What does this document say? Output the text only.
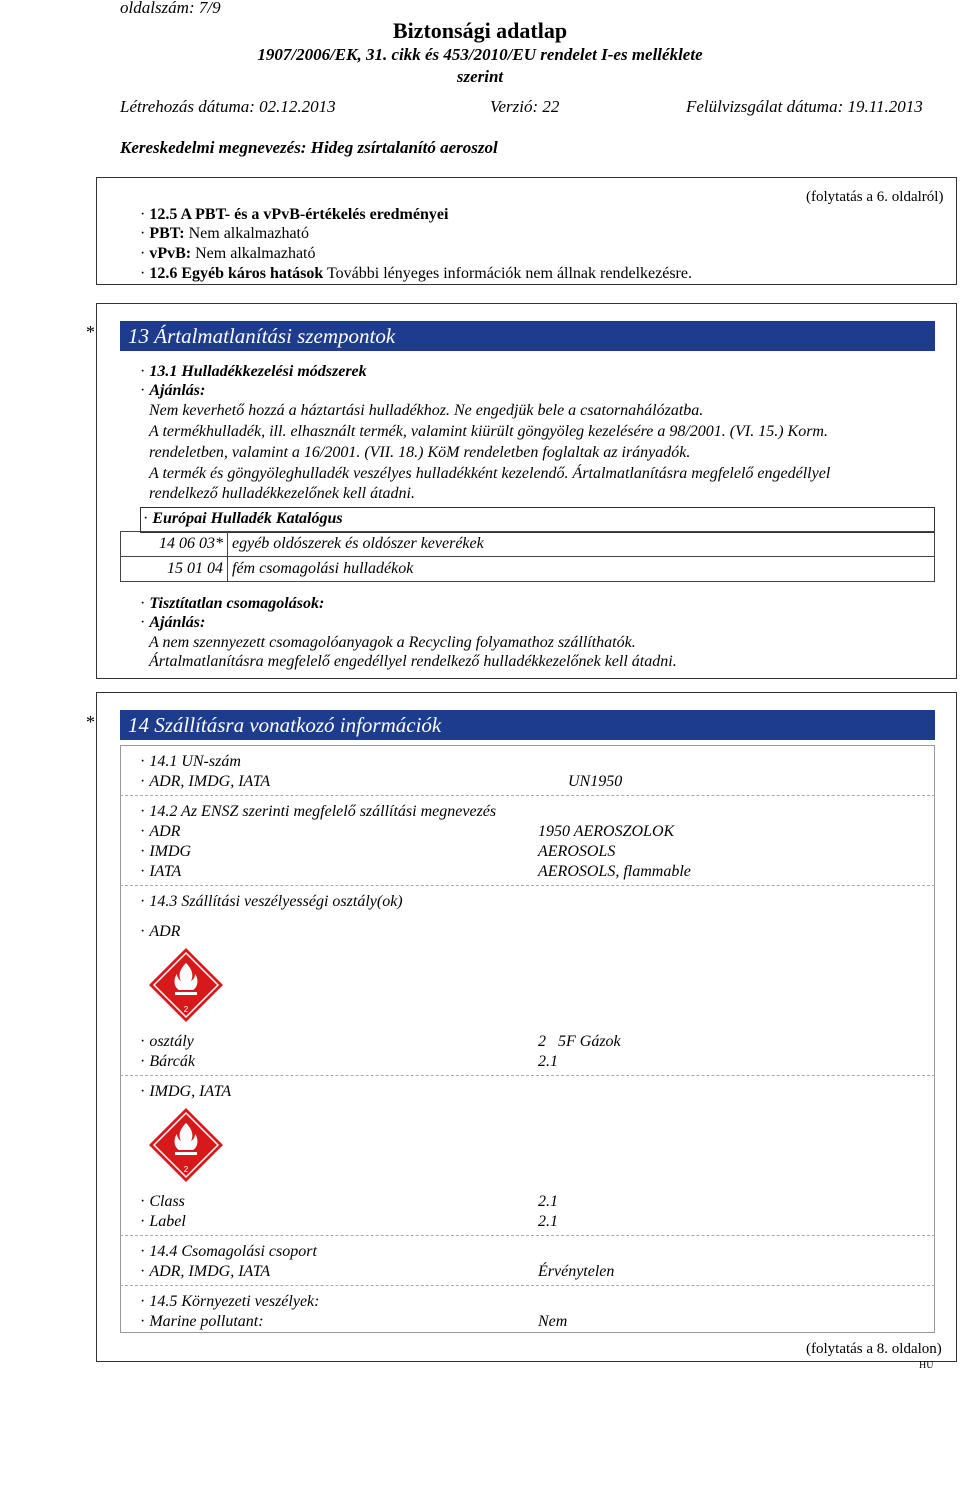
oldalszám: 7/9
Biztonsági adatlap
1907/2006/EK, 31. cikk és 453/2010/EU rendelet I-es melléklete
szerint
Létrehozás dátuma: 02.12.2013	Verzió: 22	Felülvizsgálat dátuma: 19.11.2013
Kereskedelmi megnevezés: Hideg zsírtalanító aeroszol
(folytatás a 6. oldalról)
· 12.5 A PBT- és a vPvB-értékelés eredményei
· PBT: Nem alkalmazható
· vPvB: Nem alkalmazható
· 12.6 Egyéb káros hatások További lényeges információk nem állnak rendelkezésre.
*	13 Ártalmatlanítási szempontok
· 13.1 Hulladékkezelési módszerek
· Ajánlás:
Nem keverhető hozzá a háztartási hulladékhoz. Ne engedjük bele a csatornahálózatba.
A termékhulladék, ill. elhasznált termék, valamint kiürült göngyöleg kezelésére a 98/2001. (VI. 15.) Korm.
rendeletben, valamint a 16/2001. (VII. 18.) KöM rendeletben foglaltak az irányadók.
A termék és göngyöleghulladék veszélyes hulladékként kezelendő. Ártalmatlanításra megfelelő engedéllyel
rendelkező hulladékkezelőnek kell átadni.
· Európai Hulladék Katalógus
14 06 03*	egyéb oldószerek és oldószer keverékek
15 01 04	fém csomagolási hulladékok
· Tisztítatlan csomagolások:
· Ajánlás:
A nem szennyezett csomagolóanyagok a Recycling folyamathoz szállíthatók.
Ártalmatlanításra megfelelő engedéllyel rendelkező hulladékkezelőnek kell átadni.
*	14 Szállításra vonatkozó információk
· 14.1 UN-szám
· ADR, IMDG, IATA	UN1950
· 14.2 Az ENSZ szerinti megfelelő szállítási megnevezés
· ADR	1950 AEROSZOLOK
· IMDG	AEROSOLS
· IATA	AEROSOLS, flammable
· 14.3 Szállítási veszélyességi osztály(ok)
· ADR
2
· osztály	2   5F Gázok
· Bárcák	2.1
· IMDG, IATA
2
· Class	2.1
· Label	2.1
· 14.4 Csomagolási csoport
· ADR, IMDG, IATA	Érvénytelen
· 14.5 Környezeti veszélyek:
· Marine pollutant:	Nem
(folytatás a 8. oldalon)
HU
